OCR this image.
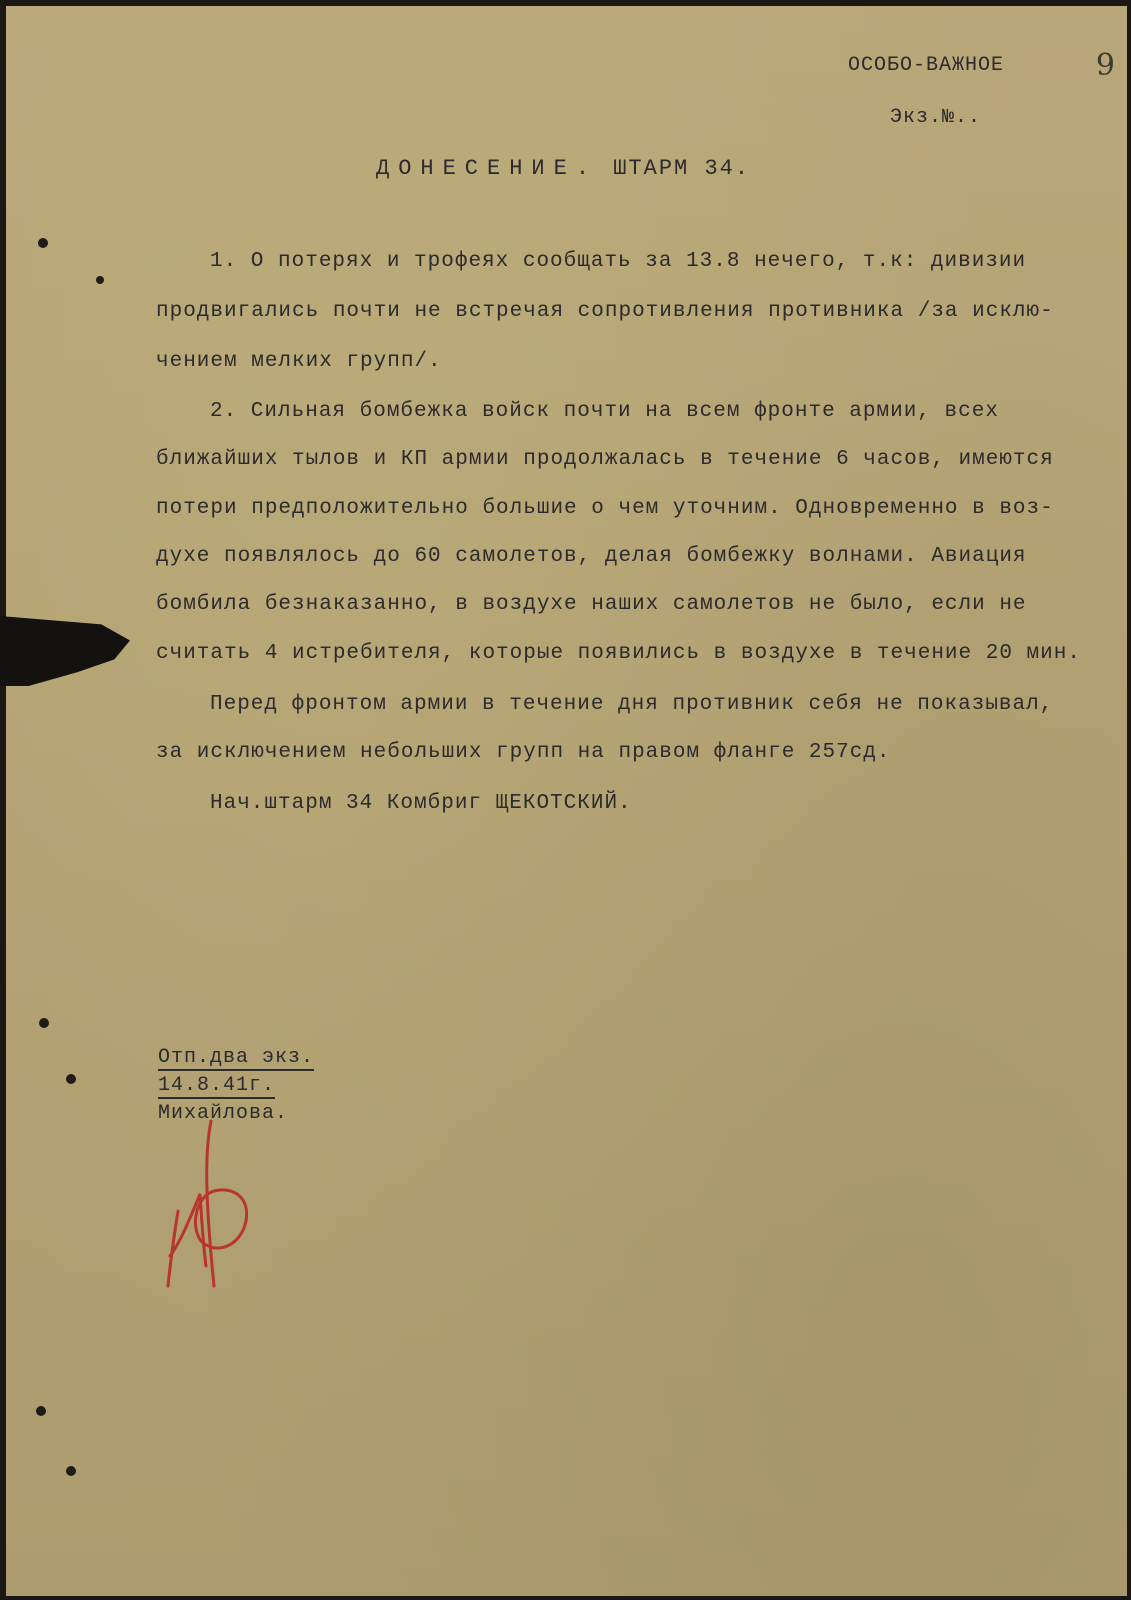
9
ОСОБО-ВАЖНОЕ
Экз.№..
ДОНЕСЕНИЕ. ШТАРМ 34.
1. О потерях и трофеях сообщать за 13.8 нечего, т.к: дивизии
продвигались почти не встречая сопротивления противника /за исклю-
чением мелких групп/.
2. Сильная бомбежка войск почти на всем фронте армии, всех
ближайших тылов и КП армии продолжалась в течение 6 часов, имеются
потери предположительно большие о чем уточним. Одновременно в воз-
духе появлялось до 60 самолетов, делая бомбежку волнами. Авиация
бомбила безнаказанно, в воздухе наших самолетов не было, если не
считать 4 истребителя, которые появились в воздухе в течение 20 мин.
Перед фронтом армии в течение дня противник себя не показывал,
за исключением небольших групп на правом фланге 257сд.
Нач.штарм 34 Комбриг ЩЕКОТСКИЙ.
Отп.два экз.
14.8.41г.
Михайлова.
